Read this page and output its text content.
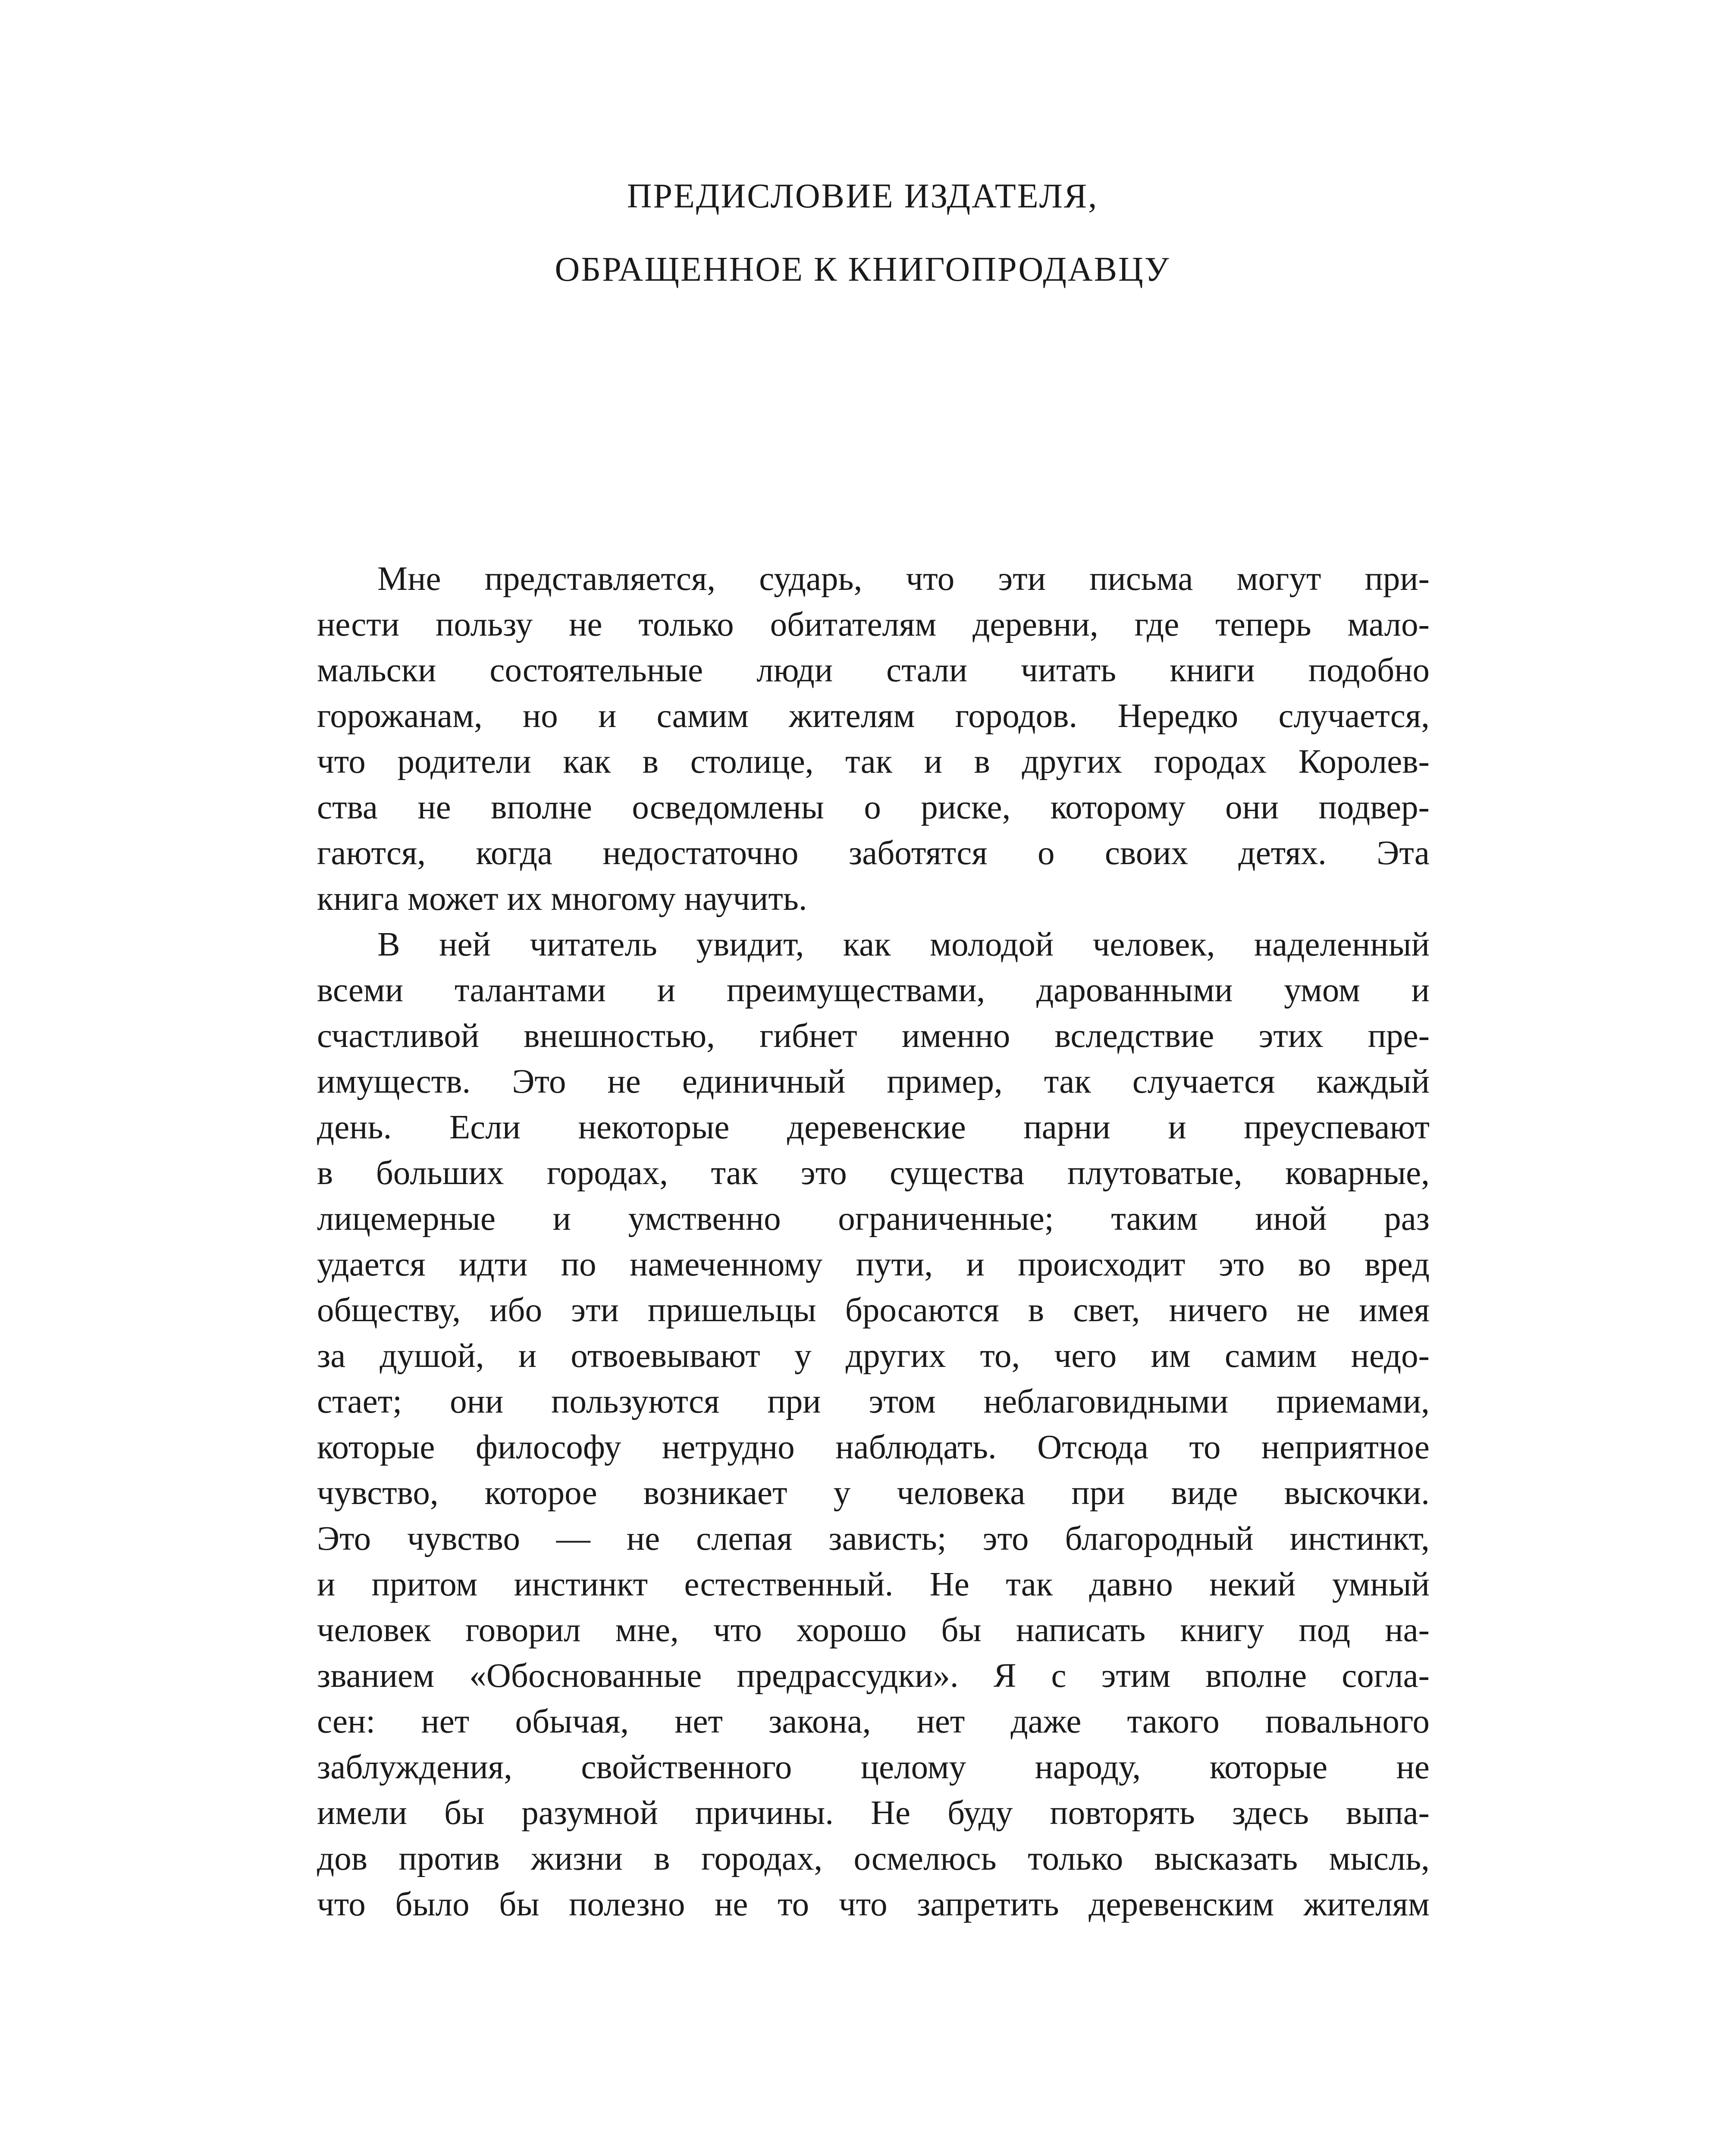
ПРЕДИСЛОВИЕ ИЗДАТЕЛЯ,
ОБРАЩЕННОЕ К КНИГОПРОДАВЦУ
Мне представляется, сударь, что эти письма могут при-
нести пользу не только обитателям деревни, где теперь мало-
мальски состоятельные люди стали читать книги подобно
горожанам, но и самим жителям городов. Нередко случается,
что родители как в столице, так и в других городах Королев-
ства не вполне осведомлены о риске, которому они подвер-
гаются, когда недостаточно заботятся о своих детях. Эта
книга может их многому научить.
В ней читатель увидит, как молодой человек, наделенный
всеми талантами и преимуществами, дарованными умом и
счастливой внешностью, гибнет именно вследствие этих пре-
имуществ. Это не единичный пример, так случается каждый
день. Если некоторые деревенские парни и преуспевают
в больших городах, так это существа плутоватые, коварные,
лицемерные и умственно ограниченные; таким иной раз
удается идти по намеченному пути, и происходит это во вред
обществу, ибо эти пришельцы бросаются в свет, ничего не имея
за душой, и отвоевывают у других то, чего им самим недо-
стает; они пользуются при этом неблаговидными приемами,
которые философу нетрудно наблюдать. Отсюда то неприятное
чувство, которое возникает у человека при виде выскочки.
Это чувство — не слепая зависть; это благородный инстинкт,
и притом инстинкт естественный. Не так давно некий умный
человек говорил мне, что хорошо бы написать книгу под на-
званием «Обоснованные предрассудки». Я с этим вполне согла-
сен: нет обычая, нет закона, нет даже такого повального
заблуждения, свойственного целому народу, которые не
имели бы разумной причины. Не буду повторять здесь выпа-
дов против жизни в городах, осмелюсь только высказать мысль,
что было бы полезно не то что запретить деревенским жителям
